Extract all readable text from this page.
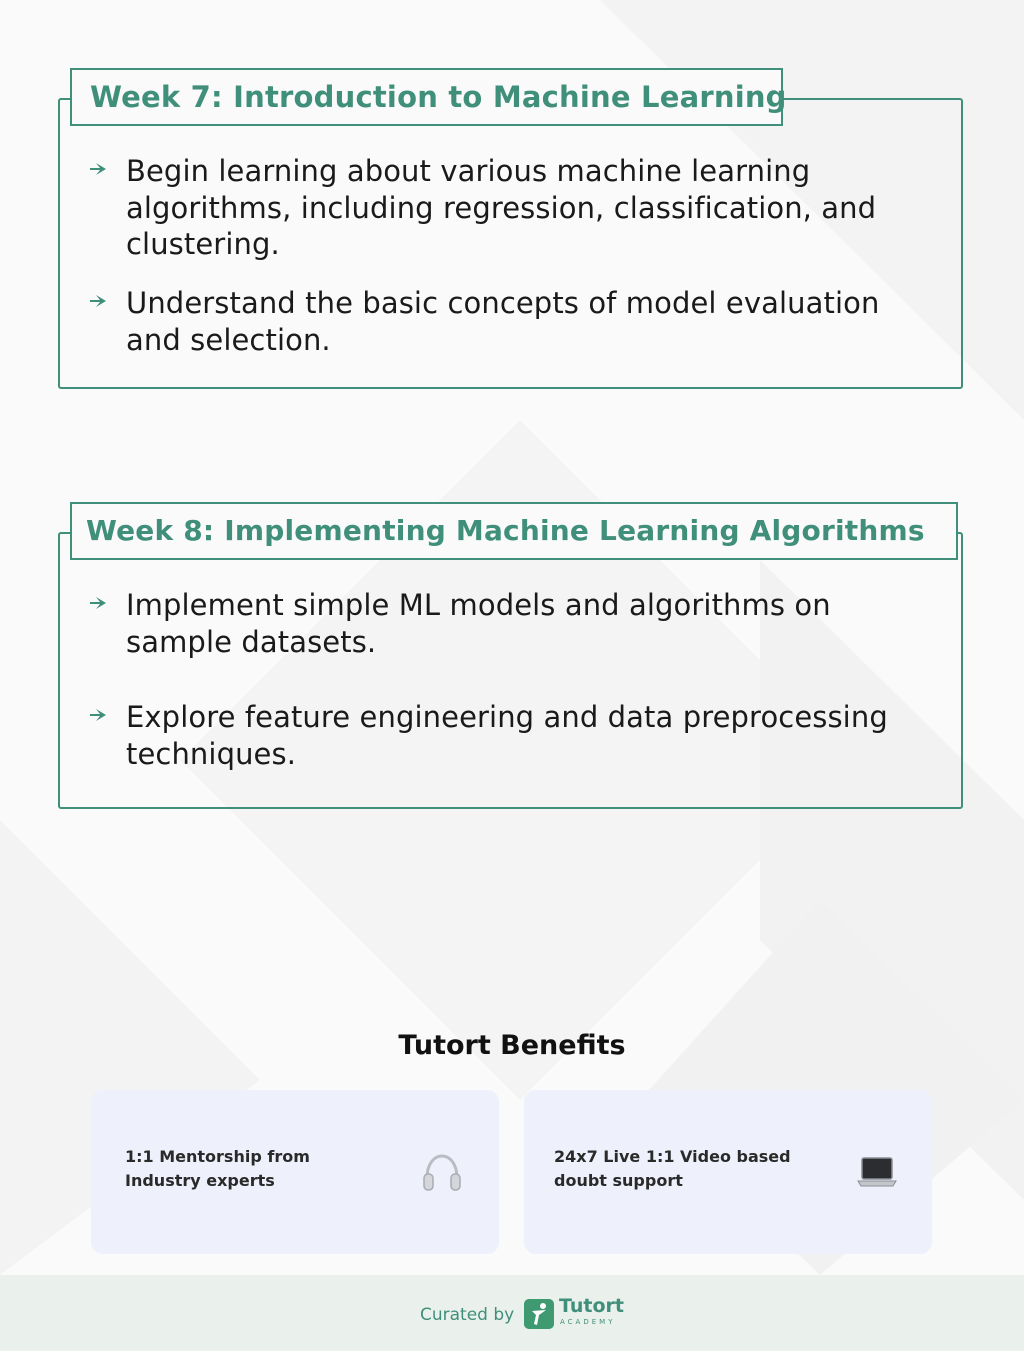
Week 7: Introduction to Machine Learning
Begin learning about various machine learning algorithms, including regression, classification, and clustering.
Understand the basic concepts of model evaluation and selection.
Week 8: Implementing Machine Learning Algorithms
Implement simple ML models and algorithms on sample datasets.
Explore feature engineering and data preprocessing techniques.
Tutort Benefits
1:1 Mentorship from Industry experts
24x7 Live 1:1 Video based doubt support
Curated by Tutort
ACADEMY
